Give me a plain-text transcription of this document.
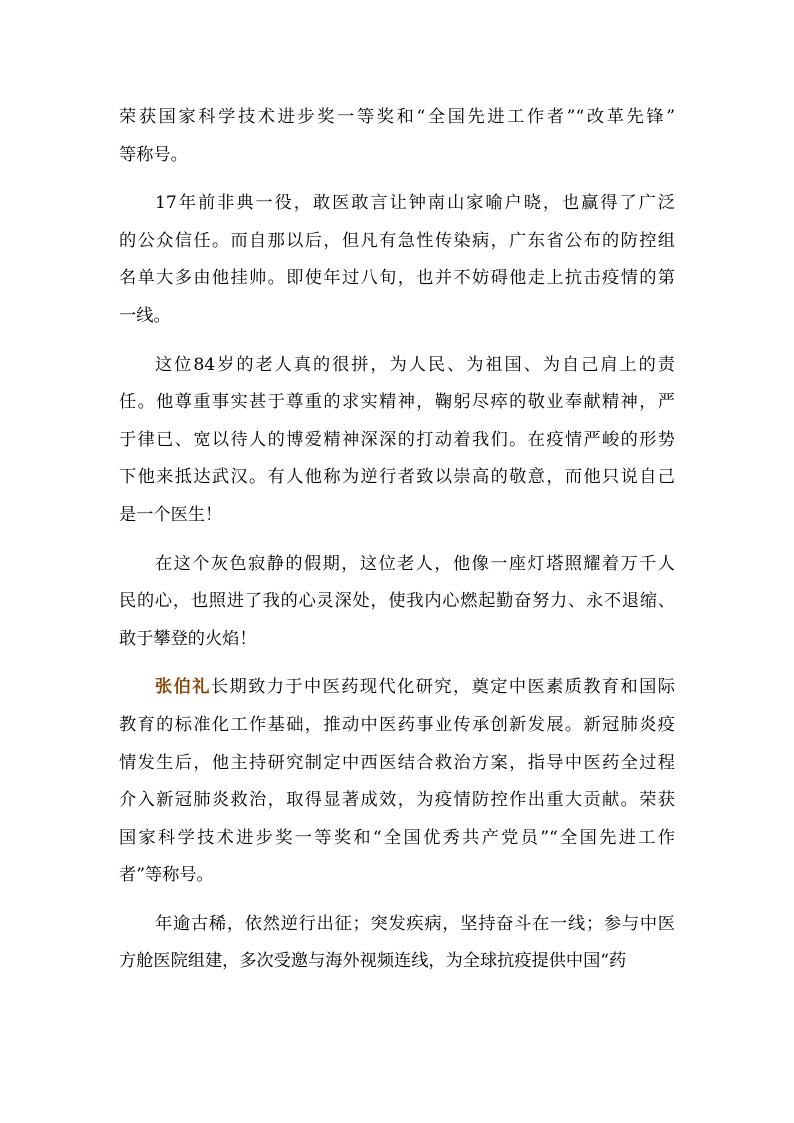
荣获国家科学技术进步奖一等奖和“全国先进工作者”“改革先锋”
等称号。
17年前非典一役，敢医敢言让钟南山家喻户晓，也赢得了广泛
的公众信任。而自那以后，但凡有急性传染病，广东省公布的防控组
名单大多由他挂帅。即使年过八旬，也并不妨碍他走上抗击疫情的第
一线。
这位84岁的老人真的很拼，为人民、为祖国、为自己肩上的责
任。他尊重事实甚于尊重的求实精神，鞠躬尽瘁的敬业奉献精神，严
于律已、宽以待人的博爱精神深深的打动着我们。在疫情严峻的形势
下他来抵达武汉。有人他称为逆行者致以崇高的敬意，而他只说自己
是一个医生！
在这个灰色寂静的假期，这位老人，他像一座灯塔照耀着万千人
民的心，也照进了我的心灵深处，使我内心燃起勤奋努力、永不退缩、
敢于攀登的火焰！
张伯礼长期致力于中医药现代化研究，奠定中医素质教育和国际
教育的标准化工作基础，推动中医药事业传承创新发展。新冠肺炎疫
情发生后，他主持研究制定中西医结合救治方案，指导中医药全过程
介入新冠肺炎救治，取得显著成效，为疫情防控作出重大贡献。荣获
国家科学技术进步奖一等奖和“全国优秀共产党员”“全国先进工作
者”等称号。
年逾古稀，依然逆行出征；突发疾病，坚持奋斗在一线；参与中医
方舱医院组建，多次受邀与海外视频连线，为全球抗疫提供中国“药
